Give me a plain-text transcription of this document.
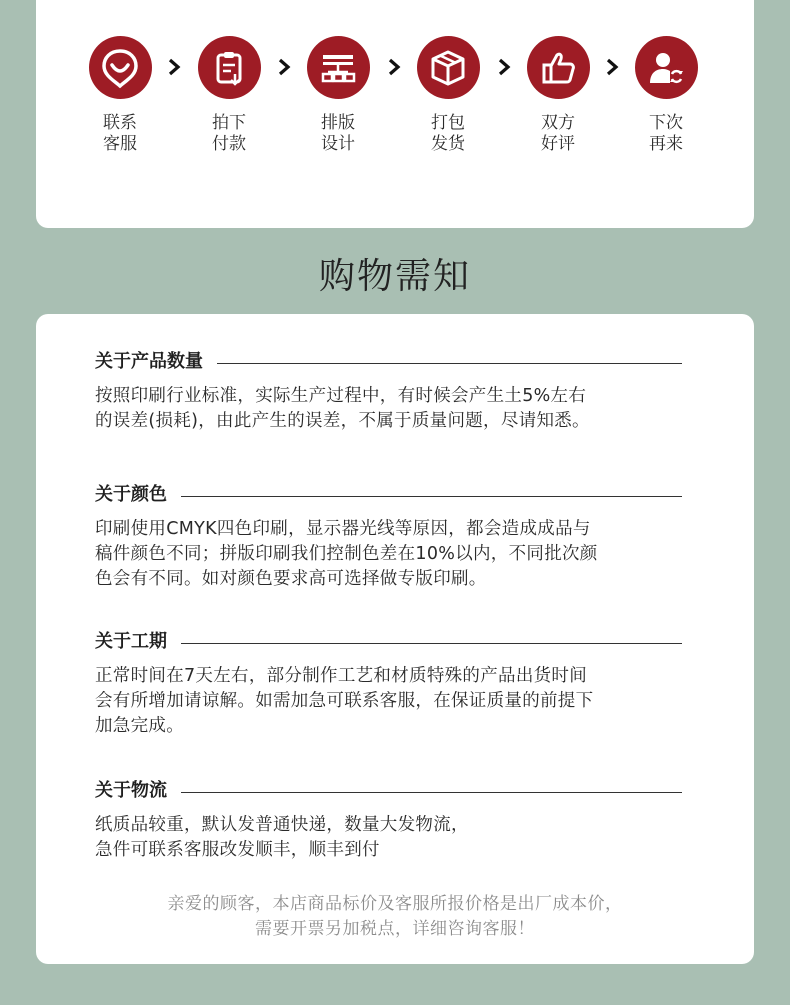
联系
客服
拍下
付款
排版
设计
打包
发货
双方
好评
下次
再来
购物需知
关于产品数量
按照印刷行业标准，实际生产过程中，有时候会产生土5%左右
的误差(损耗)，由此产生的误差，不属于质量问题，尽请知悉。
关于颜色
印刷使用CMYK四色印刷，显示器光线等原因，都会造成成品与
稿件颜色不同；拼版印刷我们控制色差在10%以内，不同批次颜
色会有不同。如对颜色要求高可选择做专版印刷。
关于工期
正常时间在7天左右，部分制作工艺和材质特殊的产品出货时间
会有所增加请谅解。如需加急可联系客服，在保证质量的前提下
加急完成。
关于物流
纸质品较重，默认发普通快递，数量大发物流，
急件可联系客服改发顺丰，顺丰到付
亲爱的顾客，本店商品标价及客服所报价格是出厂成本价，
需要开票另加税点，详细咨询客服！
